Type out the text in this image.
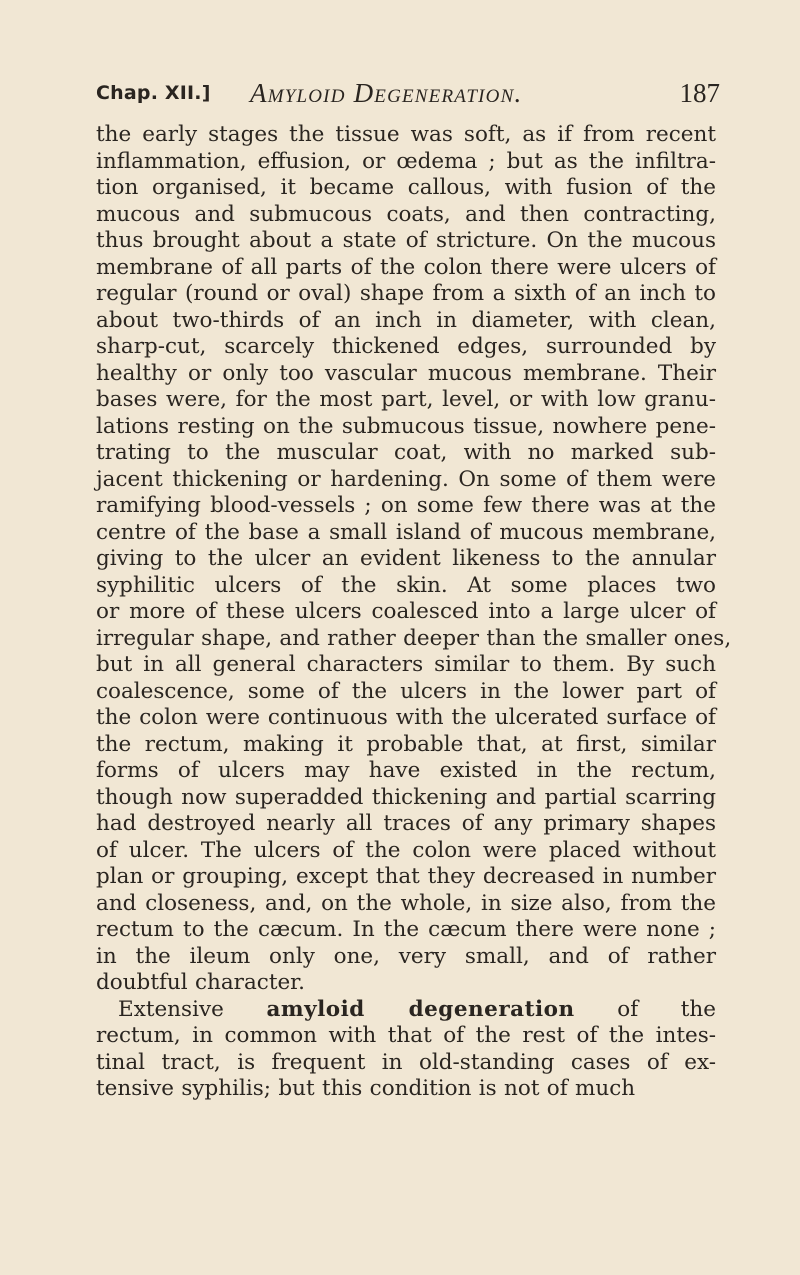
Chap. XII.] Amyloid Degeneration.	187
the early stages the tissue was soft, as if from recent
inflammation, effusion, or œdema ; but as the infiltra-
tion organised, it became callous, with fusion of the
mucous and submucous coats, and then contracting,
thus brought about a state of stricture. On the mucous
membrane of all parts of the colon there were ulcers of
regular (round or oval) shape from a sixth of an inch to
about two-thirds of an inch in diameter, with clean,
sharp-cut, scarcely thickened edges, surrounded by
healthy or only too vascular mucous membrane. Their
bases were, for the most part, level, or with low granu-
lations resting on the submucous tissue, nowhere pene-
trating to the muscular coat, with no marked sub-
jacent thickening or hardening. On some of them were
ramifying blood-vessels ; on some few there was at the
centre of the base a small island of mucous membrane,
giving to the ulcer an evident likeness to the annular
syphilitic ulcers of the skin. At some places two
or more of these ulcers coalesced into a large ulcer of
irregular shape, and rather deeper than the smaller ones,
but in all general characters similar to them. By such
coalescence, some of the ulcers in the lower part of
the colon were continuous with the ulcerated surface of
the rectum, making it probable that, at first, similar
forms of ulcers may have existed in the rectum,
though now superadded thickening and partial scarring
had destroyed nearly all traces of any primary shapes
of ulcer. The ulcers of the colon were placed without
plan or grouping, except that they decreased in number
and closeness, and, on the whole, in size also, from the
rectum to the cæcum. In the cæcum there were none ;
in the ileum only one, very small, and of rather
doubtful character.
Extensive amyloid degeneration of the
rectum, in common with that of the rest of the intes-
tinal tract, is frequent in old-standing cases of ex-
tensive syphilis; but this condition is not of much
